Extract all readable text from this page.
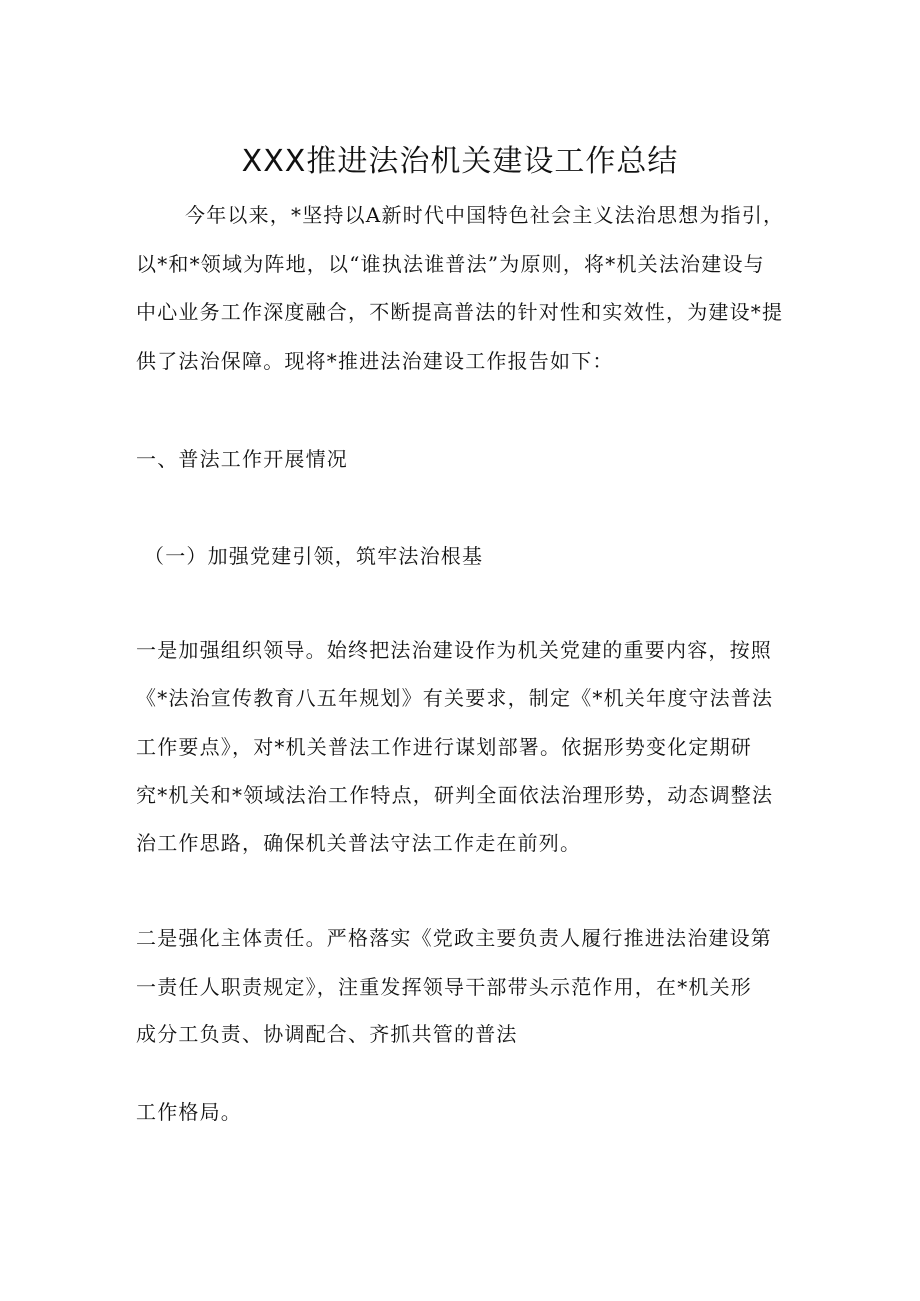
XXX推进法治机关建设工作总结

今年以来，*坚持以A新时代中国特色社会主义法治思想为指引，

以*和*领域为阵地，以“谁执法谁普法”为原则，将*机关法治建设与

中心业务工作深度融合，不断提高普法的针对性和实效性，为建设*提

供了法治保障。现将*推进法治建设工作报告如下：

一、普法工作开展情况

（一）加强党建引领，筑牢法治根基

一是加强组织领导。始终把法治建设作为机关党建的重要内容，按照

《*法治宣传教育八五年规划》有关要求，制定《*机关年度守法普法

工作要点》，对*机关普法工作进行谋划部署。依据形势变化定期研

究*机关和*领域法治工作特点，研判全面依法治理形势，动态调整法

治工作思路，确保机关普法守法工作走在前列。

二是强化主体责任。严格落实《党政主要负责人履行推进法治建设第

一责任人职责规定》，注重发挥领导干部带头示范作用，在*机关形

成分工负责、协调配合、齐抓共管的普法

工作格局。
